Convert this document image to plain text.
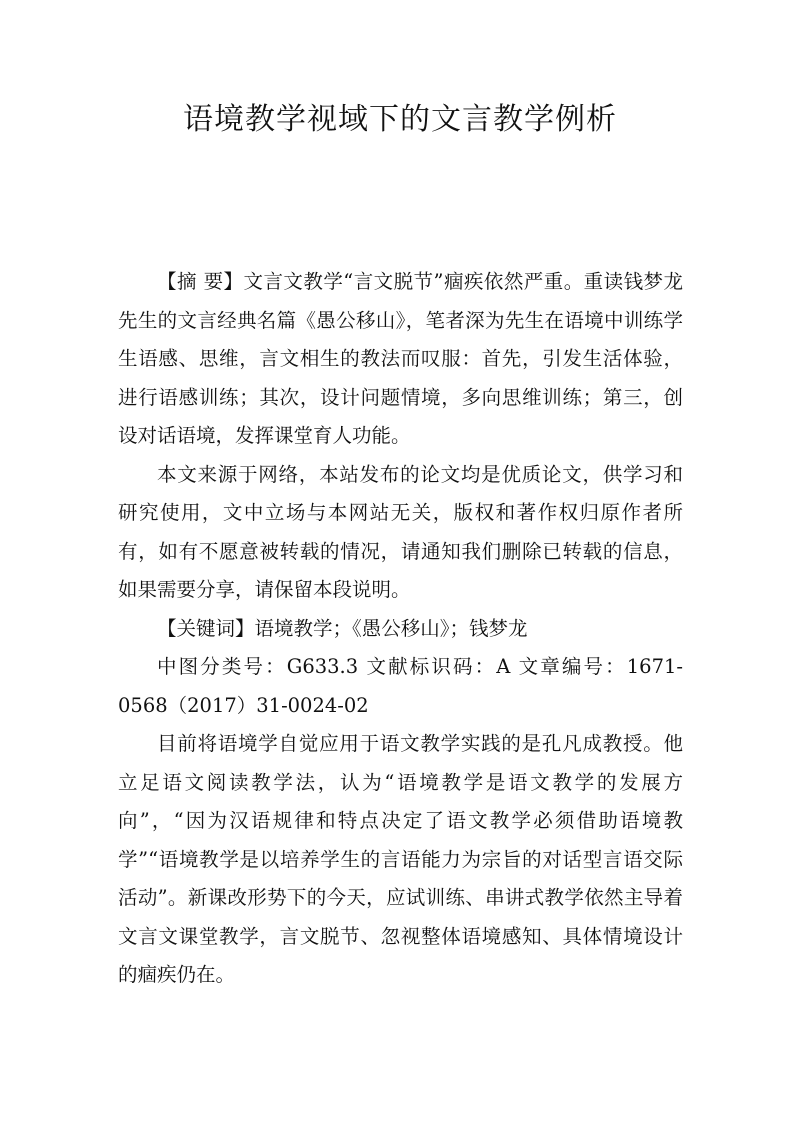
语境教学视域下的文言教学例析

【摘 要】文言文教学“言文脱节”痼疾依然严重。重读钱梦龙先生的文言经典名篇《愚公移山》，笔者深为先生在语境中训练学生语感、思维，言文相生的教法而叹服：首先，引发生活体验，进行语感训练；其次，设计问题情境，多向思维训练；第三，创设对话语境，发挥课堂育人功能。

本文来源于网络，本站发布的论文均是优质论文，供学习和研究使用，文中立场与本网站无关，版权和著作权归原作者所有，如有不愿意被转载的情况，请通知我们删除已转载的信息，如果需要分享，请保留本段说明。

【关键词】语境教学；《愚公移山》；钱梦龙

中图分类号：G633.3 文献标识码：A 文章编号：1671-0568（2017）31-0024-02

目前将语境学自觉应用于语文教学实践的是孔凡成教授。他立足语文阅读教学法，认为“语境教学是语文教学的发展方向”，“因为汉语规律和特点决定了语文教学必须借助语境教学”“语境教学是以培养学生的言语能力为宗旨的对话型言语交际活动”。新课改形势下的今天，应试训练、串讲式教学依然主导着文言文课堂教学，言文脱节、忽视整体语境感知、具体情境设计的痼疾仍在。
